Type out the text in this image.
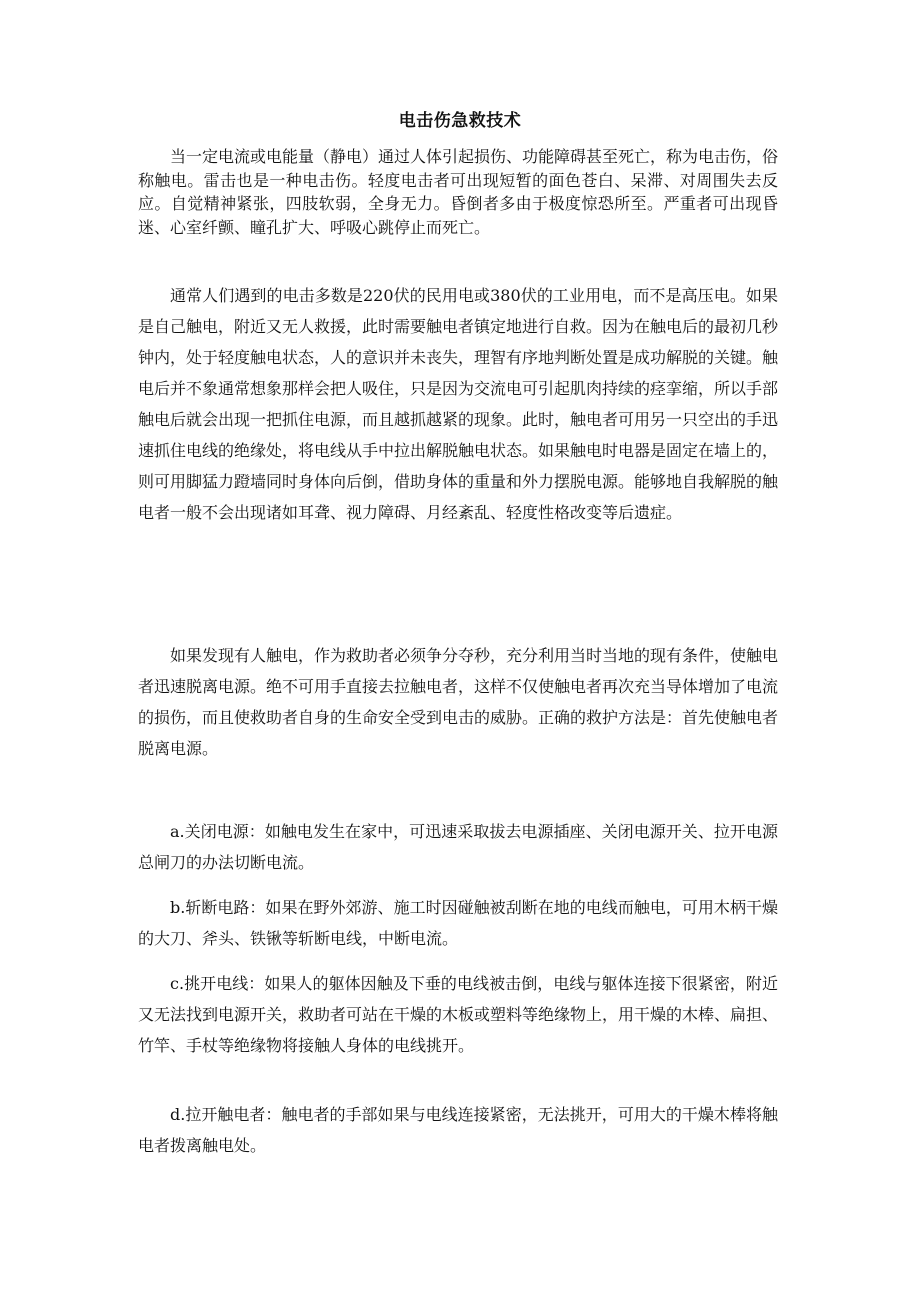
电击伤急救技术

当一定电流或电能量（静电）通过人体引起损伤、功能障碍甚至死亡，称为电击伤，俗称触电。雷击也是一种电击伤。轻度电击者可出现短暂的面色苍白、呆滞、对周围失去反应。自觉精神紧张，四肢软弱，全身无力。昏倒者多由于极度惊恐所至。严重者可出现昏迷、心室纤颤、瞳孔扩大、呼吸心跳停止而死亡。

通常人们遇到的电击多数是220伏的民用电或380伏的工业用电，而不是高压电。如果是自己触电，附近又无人救援，此时需要触电者镇定地进行自救。因为在触电后的最初几秒钟内，处于轻度触电状态，人的意识并未丧失，理智有序地判断处置是成功解脱的关键。触电后并不象通常想象那样会把人吸住，只是因为交流电可引起肌肉持续的痉挛缩，所以手部触电后就会出现一把抓住电源，而且越抓越紧的现象。此时，触电者可用另一只空出的手迅速抓住电线的绝缘处，将电线从手中拉出解脱触电状态。如果触电时电器是固定在墙上的，则可用脚猛力蹬墙同时身体向后倒，借助身体的重量和外力摆脱电源。能够地自我解脱的触电者一般不会出现诸如耳聋、视力障碍、月经紊乱、轻度性格改变等后遗症。

如果发现有人触电，作为救助者必须争分夺秒，充分利用当时当地的现有条件，使触电者迅速脱离电源。绝不可用手直接去拉触电者，这样不仅使触电者再次充当导体增加了电流的损伤，而且使救助者自身的生命安全受到电击的威胁。正确的救护方法是：首先使触电者脱离电源。

a.关闭电源：如触电发生在家中，可迅速采取拔去电源插座、关闭电源开关、拉开电源总闸刀的办法切断电流。

b.斩断电路：如果在野外郊游、施工时因碰触被刮断在地的电线而触电，可用木柄干燥的大刀、斧头、铁锹等斩断电线，中断电流。

c.挑开电线：如果人的躯体因触及下垂的电线被击倒，电线与躯体连接下很紧密，附近又无法找到电源开关，救助者可站在干燥的木板或塑料等绝缘物上，用干燥的木棒、扁担、竹竿、手杖等绝缘物将接触人身体的电线挑开。

d.拉开触电者：触电者的手部如果与电线连接紧密，无法挑开，可用大的干燥木棒将触电者拨离触电处。
